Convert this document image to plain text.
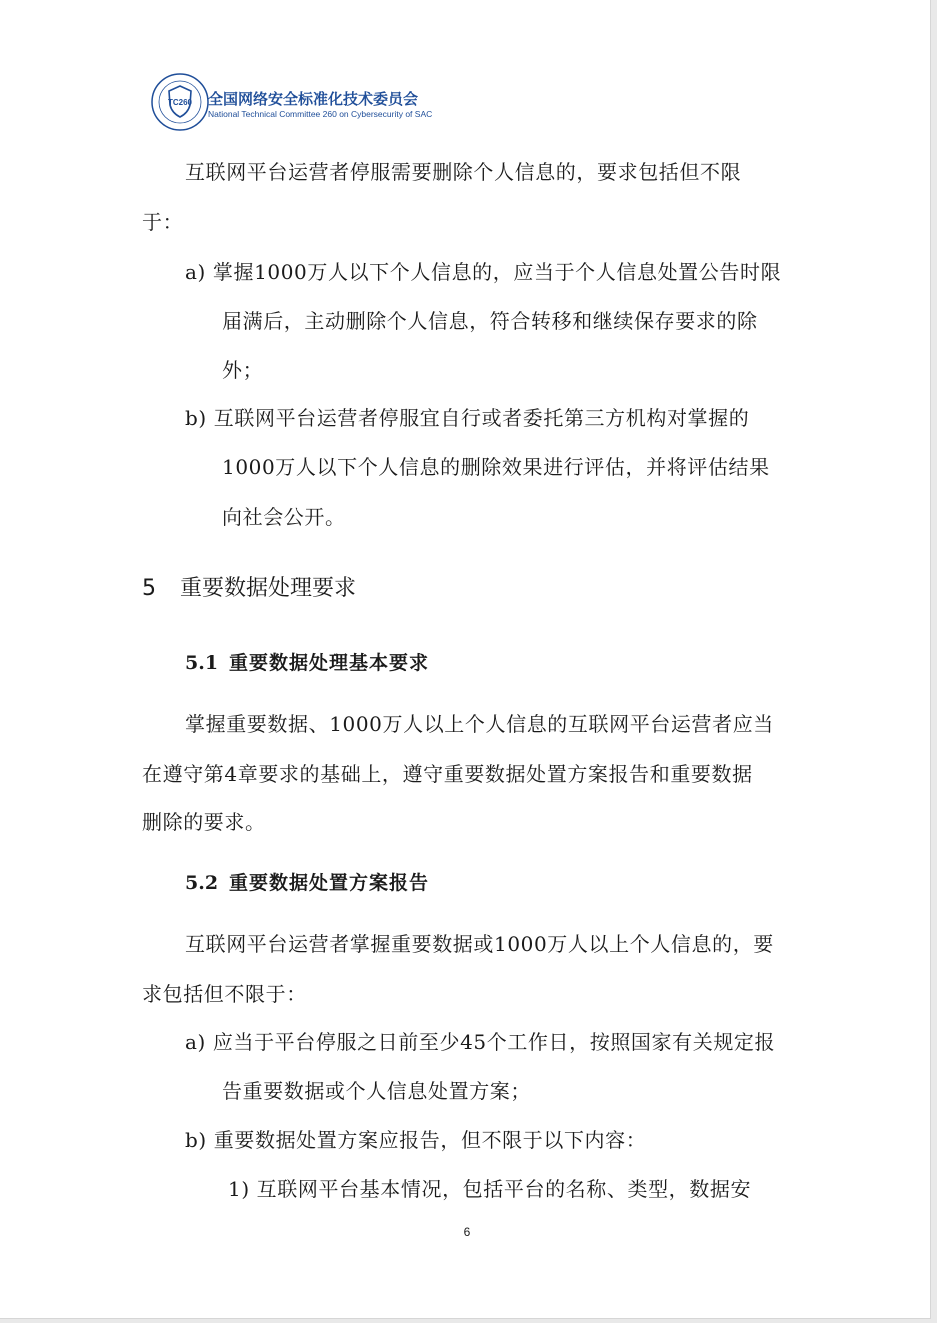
TC260 全国网络安全标准化技术委员会
National Technical Committee 260 on Cybersecurity of SAC
互联网平台运营者停服需要删除个人信息的，要求包括但不限
于：
a) 掌握1000万人以下个人信息的，应当于个人信息处置公告时限
届满后，主动删除个人信息，符合转移和继续保存要求的除
外；
b) 互联网平台运营者停服宜自行或者委托第三方机构对掌握的
1000万人以下个人信息的删除效果进行评估，并将评估结果
向社会公开。
5 重要数据处理要求
5.1 重要数据处理基本要求
掌握重要数据、1000万人以上个人信息的互联网平台运营者应当
在遵守第4章要求的基础上，遵守重要数据处置方案报告和重要数据
删除的要求。
5.2 重要数据处置方案报告
互联网平台运营者掌握重要数据或1000万人以上个人信息的，要
求包括但不限于：
a) 应当于平台停服之日前至少45个工作日，按照国家有关规定报
告重要数据或个人信息处置方案；
b) 重要数据处置方案应报告，但不限于以下内容：
1) 互联网平台基本情况，包括平台的名称、类型，数据安
6
